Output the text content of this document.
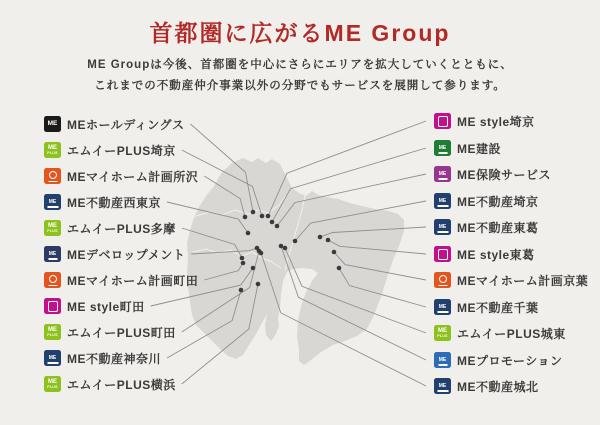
首都圏に広がるME Group

ME Groupは今後、首都圏を中心にさらにエリアを拡大していくとともに、

これまでの不動産仲介事業以外の分野でもサービスを展開して参ります。

ME MEホールディングス
ME
PLUS エムイーPLUS埼京
MEマイホーム計画所沢
ME ME不動産西東京
ME
PLUS エムイーPLUS多摩
ME MEデベロップメント
MEマイホーム計画町田
ME style町田
ME
PLUS エムイーPLUS町田
ME ME不動産神奈川
ME
PLUS エムイーPLUS横浜
ME style埼京
ME ME建設
ME ME保険サービス
ME ME不動産埼京
ME ME不動産東葛
ME style東葛
MEマイホーム計画京葉
ME ME不動産千葉
ME
PLUS エムイーPLUS城東
ME MEプロモーション
ME ME不動産城北
